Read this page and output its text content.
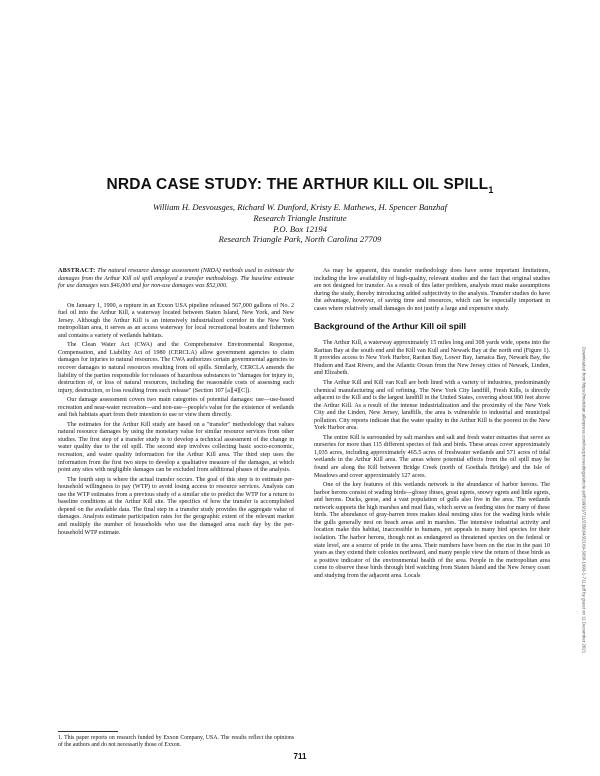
NRDA CASE STUDY: THE ARTHUR KILL OIL $SPILL_1$
William H. Desvousges, Richard W. Dunford, Kristy E. Mathews, H. Spencer Banzhaf
Research Triangle Institute
P.O. Box 12194
Research Triangle Park, North Carolina 27709

ABSTRACT: The natural resource damage assessment (NRDA) methods used to estimate the damages from the Arthur Kill oil spill employed a transfer methodology. The baseline estimate for use damages was $46,000 and for non-use damages was $52,000.

On January 1, 1990, a rupture in an Exxon USA pipeline released 567,000 gallons of No. 2 fuel oil into the Arthur Kill, a waterway located between Staten Island, New York, and New Jersey. Although the Arthur Kill is an intensively industrialized corridor in the New York metropolitan area, it serves as an access waterway for local recreational boaters and fishermen and contains a variety of wetlands habitats.

The Clean Water Act (CWA) and the Comprehensive Environmental Response, Compensation, and Liability Act of 1980 (CERCLA) allow government agencies to claim damages for injuries to natural resources. The CWA authorizes certain governmental agencies to recover damages to natural resources resulting from oil spills. Similarly, CERCLA amends the liability of the parties responsible for releases of hazardous substances to "damages for injury to, destruction of, or loss of natural resources, including the reasonable costs of assessing such injury, destruction, or loss resulting from such release" (Section 107 [a][4][C]).

Our damage assessment covers two main categories of potential damages: use—use-based recreation and near-water recreation—and non-use—people's value for the existence of wetlands and fish habitats apart from their intention to use or view them directly.

The estimates for the Arthur Kill study are based on a "transfer" methodology that values natural resource damages by using the monetary value for similar resource services from other studies. The first step of a transfer study is to develop a technical assessment of the change in water quality due to the oil spill. The second step involves collecting basic socio-economic, recreation, and water quality information for the Arthur Kill area. The third step uses the information from the first two steps to develop a qualitative measure of the damages, at which point any sites with negligible damages can be excluded from additional phases of the analysis.

The fourth step is where the actual transfer occurs. The goal of this step is to estimate per-household willingness to pay (WTP) to avoid losing access to resource services. Analysts can use the WTP estimates from a previous study of a similar site to predict the WTP for a return to baseline conditions at the Arthur Kill site. The specifics of how the transfer is accomplished depend on the available data. The final step in a transfer study provides the aggregate value of damages. Analysts estimate participation rates for the geographic extent of the relevant market and multiply the number of households who use the damaged area each day by the per-household WTP estimate.

As may be apparent, this transfer methodology does have some important limitations, including the low availability of high-quality, relevant studies and the fact that original studies are not designed for transfer. As a result of this latter problem, analysts must make assumptions during the study, thereby introducing added subjectivity to the analysis. Transfer studies do have the advantage, however, of saving time and resources, which can be especially important in cases where relatively small damages do not justify a large and expensive study.

Background of the Arthur Kill oil spill

The Arthur Kill, a waterway approximately 15 miles long and 308 yards wide, opens into the Raritan Bay at the south end and the Kill van Kull and Newark Bay at the north end (Figure 1). It provides access to New York Harbor, Raritan Bay, Lower Bay, Jamaica Bay, Newark Bay, the Hudson and East Rivers, and the Atlantic Ocean from the New Jersey cities of Newark, Linden, and Elizabeth.

The Arthur Kill and Kill van Kull are both lined with a variety of industries, predominantly chemical manufacturing and oil refining. The New York City landfill, Fresh Kills, is directly adjacent to the Kill and is the largest landfill in the United States, covering about 900 feet above the Arthur Kill. As a result of the intense industrialization and the proximity of the New York City and the Linden, New Jersey, landfills, the area is vulnerable to industrial and municipal pollution. City reports indicate that the water quality in the Arthur Kill is the poorest in the New York Harbor area.

The entire Kill is surrounded by salt marshes and salt and fresh water estuaries that serve as nurseries for more than 115 different species of fish and birds. These areas cover approximately 1,035 acres, including approximately 465.5 acres of freshwater wetlands and 571 acres of tidal wetlands in the Arthur Kill area. The areas where potential effects from the oil spill may be found are along the Kill between Bridge Creek (north of Goethals Bridge) and the Isle of Meadows and cover approximately 127 acres.

One of the key features of this wetlands network is the abundance of harbor herons. The harbor herons consist of wading birds—glossy ibises, great egrets, snowy egrets and little egrets, and herons. Ducks, geese, and a vast population of gulls also live in the area. The wetlands network supports the high marshes and mud flats, which serve as feeding sites for many of these birds. The abundance of gray-barren trees makes ideal nesting sites for the wading birds while the gulls generally nest on beach areas and in marshes. The intensive industrial activity and location make this habitat, inaccessible to humans, yet appeals to many bird species for their isolation. The harbor herons, though not as endangered as threatened species on the federal or state level, are a source of pride in the area. Their numbers have been on the rise in the past 10 years as they extend their colonies northward, and many people view the return of these birds as a positive indicator of the environmental health of the area. People in the metropolitan area come to observe these birds through bird watching from Staten Island and the New Jersey coast and studying from the adjacent area. Locals

1. This paper reports on research funded by Exxon Company, USA. The results reflect the opinions of the authors and do not necessarily those of Exxon.
711
Downloaded from https://meridian.allenpress.com/ioscproceedings/article-pdf/1993/1/711/2350343/2169-3358-1993-1-711.pdf by guest on 11 December 2021
